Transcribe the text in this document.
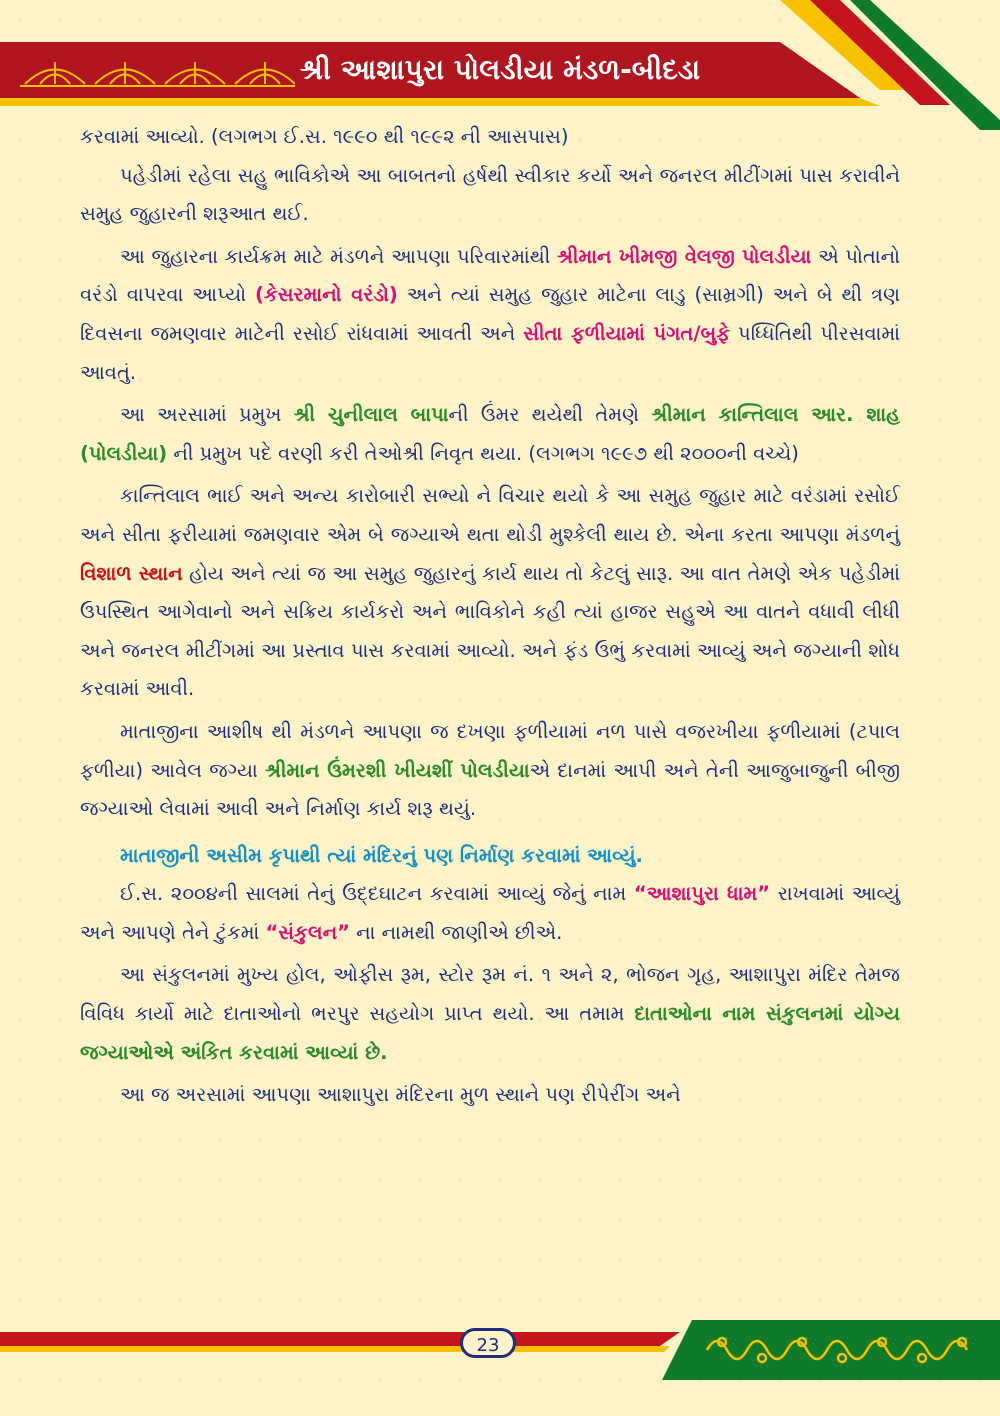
શ્રી આશાપુરા પોલડીયા મંડળ-બીદડા

કરવામાં આવ્યો. (લગભગ ઈ.સ. ૧૯૯૦ થી ૧૯૯૨ ની આસપાસ)

પહેડીમાં રહેલા સહુ ભાવિકોએ આ બાબતનો હર્ષથી સ્વીકાર કર્યો અને જનરલ મીટીંગમાં પાસ કરાવીને સમુહ જુહારની શરૂઆત થઈ.

આ જુહારના કાર્યક્રમ માટે મંડળને આપણા પરિવારમાંથી શ્રીમાન ખીમજી વેલજી પોલડીયા એ પોતાનો વરંડો વાપરવા આપ્યો (કેસરમાનો વરંડો) અને ત્યાં સમુહ જુહાર માટેના લાડુ (સામ્રગી) અને બે થી ત્રણ દિવસના જમણવાર માટેની રસોઈ રાંધવામાં આવતી અને સીતા ફળીયામાં પંગત/બુફે પધ્ધિતિથી પીરસવામાં આવતું.

આ અરસામાં પ્રમુખ શ્રી ચુનીલાલ બાપાની ઉંમર થયેથી તેમણે શ્રીમાન કાન્તિલાલ આર. શાહ (પોલડીયા) ની પ્રમુખ પદે વરણી કરી તેઓશ્રી નિવૃત થયા. (લગભગ ૧૯૯૭ થી ૨૦૦૦ની વચ્ચે)

કાન્તિલાલ ભાઈ અને અન્ય કારોબારી સભ્યો ને વિચાર થયો કે આ સમુહ જુહાર માટે વરંડામાં રસોઈ અને સીતા ફરીયામાં જમણવાર એમ બે જગ્યાએ થતા થોડી મુશ્કેલી થાય છે. એના કરતા આપણા મંડળનું વિશાળ સ્થાન હોય અને ત્યાં જ આ સમુહ જુહારનું કાર્ય થાય તો કેટલું સારૂ. આ વાત તેમણે એક પહેડીમાં ઉપસ્થિત આગેવાનો અને સક્રિય કાર્યકરો અને ભાવિકોને કહી ત્યાં હાજર સહુએ આ વાતને વધાવી લીધી અને જનરલ મીટીંગમાં આ પ્રસ્તાવ પાસ કરવામાં આવ્યો. અને ફંડ ઉભું કરવામાં આવ્યું અને જગ્યાની શોધ કરવામાં આવી.

માતાજીના આશીષ થી મંડળને આપણા જ દખણા ફળીયામાં નળ પાસે વજરખીયા ફળીયામાં (ટપાલ ફળીયા) આવેલ જગ્યા શ્રીમાન ઉંમરશી ખીયશીં પોલડીયાએ દાનમાં આપી અને તેની આજુબાજુની બીજી જગ્યાઓ લેવામાં આવી અને નિર્માણ કાર્ય શરૂ થયું.

માતાજીની અસીમ કૃપાથી ત્યાં મંદિરનું પણ નિર્માણ કરવામાં આવ્યું.

ઈ.સ. ૨૦૦૪ની સાલમાં તેનું ઉદ્દઘાટન કરવામાં આવ્યું જેનું નામ “આશાપુરા ધામ” રાખવામાં આવ્યું અને આપણે તેને ટુંકમાં “સંકુલન” ના નામથી જાણીએ છીએ.

આ સંકુલનમાં મુખ્ય હોલ, ઓફીસ રૂમ, સ્ટોર રૂમ નં. ૧ અને ૨, ભોજન ગૃહ, આશાપુરા મંદિર તેમજ વિવિધ કાર્યો માટે દાતાઓનો ભરપુર સહયોગ પ્રાપ્ત થયો. આ તમામ દાતાઓના નામ સંકુલનમાં યોગ્ય જગ્યાઓએ અંકિત કરવામાં આવ્યાં છે.

આ જ અરસામાં આપણા આશાપુરા મંદિરના મુળ સ્થાને પણ રીપેરીંગ અને

23
